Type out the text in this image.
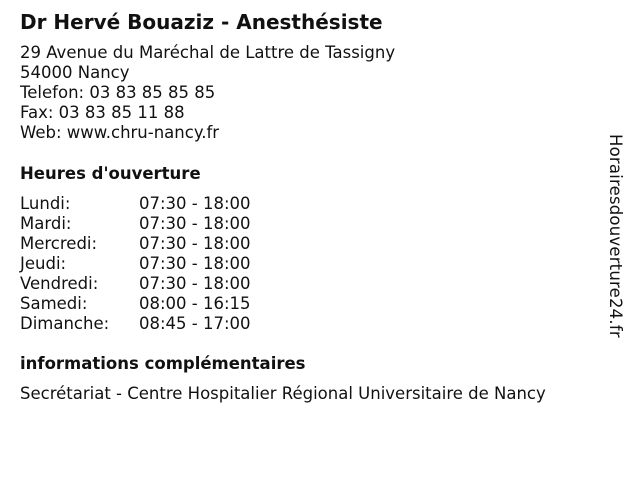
Dr Hervé Bouaziz - Anesthésiste
29 Avenue du Maréchal de Lattre de Tassigny
54000 Nancy
Telefon: 03 83 85 85 85
Fax: 03 83 85 11 88
Web: www.chru-nancy.fr
Heures d'ouverture
Lundi:	07:30 - 18:00
Mardi:	07:30 - 18:00
Mercredi:	07:30 - 18:00
Jeudi:	07:30 - 18:00
Vendredi: 07:30 - 18:00
Samedi:	08:00 - 16:15
Dimanche: 08:45 - 17:00
informations complémentaires
Secrétariat - Centre Hospitalier Régional Universitaire de Nancy
Horairesdouverture24.fr
